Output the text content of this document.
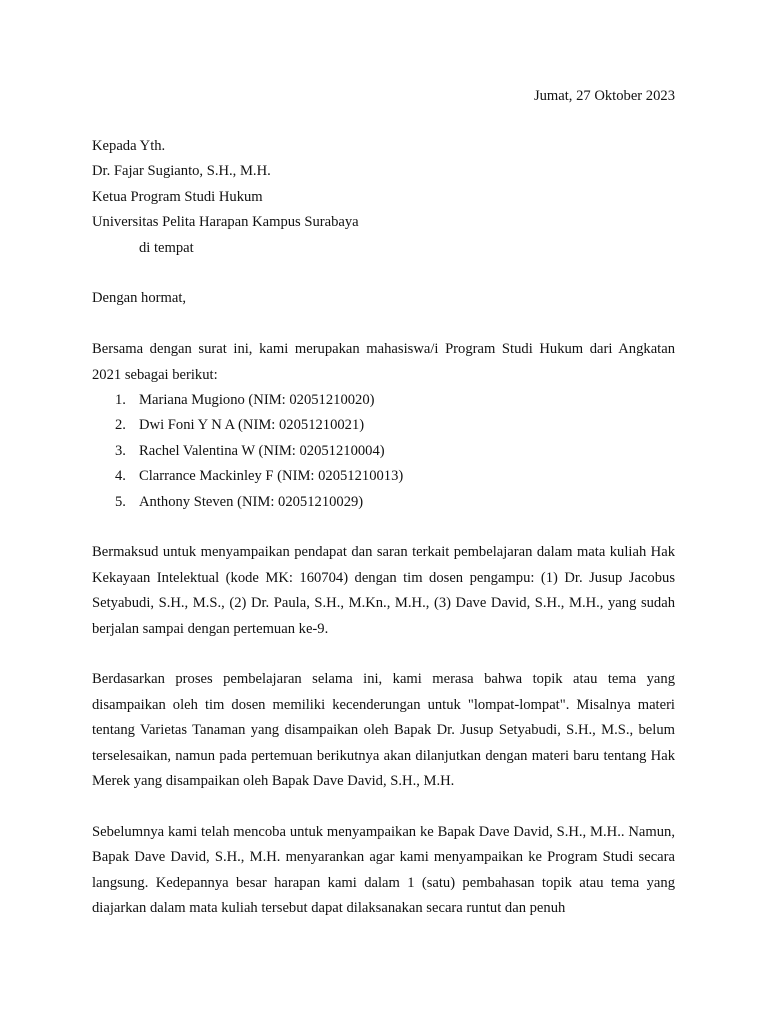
Jumat, 27 Oktober 2023
Kepada Yth.
Dr. Fajar Sugianto, S.H., M.H.
Ketua Program Studi Hukum
Universitas Pelita Harapan Kampus Surabaya
di tempat
Dengan hormat,

Bersama dengan surat ini, kami merupakan mahasiswa/i Program Studi Hukum dari Angkatan 2021 sebagai berikut:

1. Mariana Mugiono (NIM: 02051210020)
2. Dwi Foni Y N A (NIM: 02051210021)
3. Rachel Valentina W (NIM: 02051210004)
4. Clarrance Mackinley F (NIM: 02051210013)
5. Anthony Steven (NIM: 02051210029)

Bermaksud untuk menyampaikan pendapat dan saran terkait pembelajaran dalam mata kuliah Hak Kekayaan Intelektual (kode MK: 160704) dengan tim dosen pengampu: (1) Dr. Jusup Jacobus Setyabudi, S.H., M.S., (2) Dr. Paula, S.H., M.Kn., M.H., (3) Dave David, S.H., M.H., yang sudah berjalan sampai dengan pertemuan ke-9.

Berdasarkan proses pembelajaran selama ini, kami merasa bahwa topik atau tema yang disampaikan oleh tim dosen memiliki kecenderungan untuk "lompat-lompat". Misalnya materi tentang Varietas Tanaman yang disampaikan oleh Bapak Dr. Jusup Setyabudi, S.H., M.S., belum terselesaikan, namun pada pertemuan berikutnya akan dilanjutkan dengan materi baru tentang Hak Merek yang disampaikan oleh Bapak Dave David, S.H., M.H.

Sebelumnya kami telah mencoba untuk menyampaikan ke Bapak Dave David, S.H., M.H.. Namun, Bapak Dave David, S.H., M.H. menyarankan agar kami menyampaikan ke Program Studi secara langsung. Kedepannya besar harapan kami dalam 1 (satu) pembahasan topik atau tema yang diajarkan dalam mata kuliah tersebut dapat dilaksanakan secara runtut dan penuh
